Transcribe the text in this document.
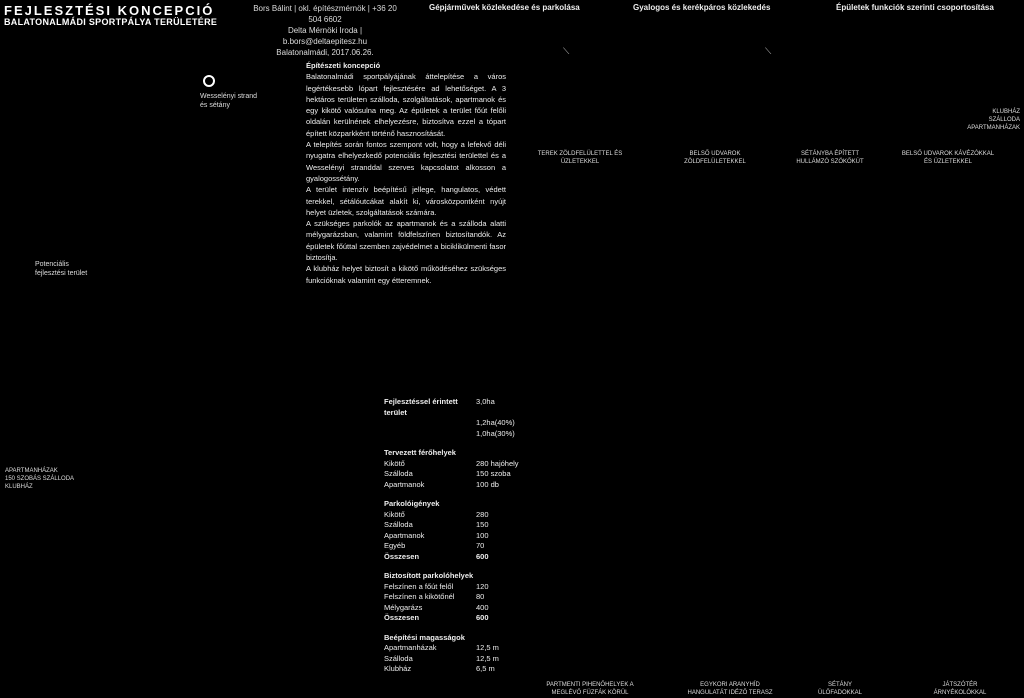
FEJLESZTÉSI KONCEPCIÓ
BALATONALMÁDI SPORTPÁLYA TERÜLETÉRE
Bors Bálint | okl. építészmérnök | +36 20 504 6602
Delta Mérnöki Iroda | b.bors@deltaepitesz.hu
Balatonalmádi, 2017.06.26.
Gépjárművek közlekedése és parkolása	Gyalogos és kerékpáros közlekedés	Épületek funkciók szerinti csoportosítása
⟍	⟍
Wesselényi strand
és sétány
Potenciális
fejlesztési terület
APARTMANHÁZAK
150 SZOBÁS SZÁLLODA
KLUBHÁZ
KLUBHÁZ
SZÁLLODA
APARTMANHÁZAK

Építészeti koncepció

Balatonalmádi sportpályájának áttelepítése a város legértékesebb lópart fejlesztésére ad lehetőséget. A 3 hektáros területen szálloda, szolgáltatások, apartmanok és egy kikötő valósulna meg. Az épületek a terület főút felőli oldalán kerülnének elhelyezésre, biztosítva ezzel a tópart épített közparkként történő hasznosítását.

A telepítés során fontos szempont volt, hogy a lefekvő déli nyugatra elhelyezkedő potenciális fejlesztési területtel és a Wesselényi stranddal szerves kapcsolatot alkosson a gyalogossétány.

A terület intenzív beépítésű jellege, hangulatos, védett terekkel, sétálóutcákat alakít ki, városközpontként nyújt helyet üzletek, szolgáltatások számára.

A szükséges parkolók az apartmanok és a szálloda alatti mélygarázsban, valamint földfelszínen biztosítandók. Az épületek főúttal szemben zajvédelmet a biciklikülmenti fasor biztosítja.

A klubház helyet biztosít a kikötő működéséhez szükséges funkcióknak valamint egy étteremnek.

Fejlesztéssel érintett terület
3,0ha
1,2ha(40%)
1,0ha(30%)
Tervezett férőhelyek
Kikötő	280 hajóhely
Szálloda	150 szoba
Apartmanok	100 db
Parkolóigények
Kikötő	280
Szálloda	150
Apartmanok	100
Egyéb	70
Összesen	600
Biztosított parkolóhelyek
Felszínen a főút felől	120
Felszínen a kikötőnél	80
Mélygarázs	400
Összesen	600
Beépítési magasságok
Apartmanházak	12,5 m
Szálloda	12,5 m
Klubház	6,5 m
TEREK ZÖLDFELÜLETTEL ÉS
ÜZLETEKKEL
BELSŐ UDVAROK
ZÖLDFELÜLETEKKEL
SÉTÁNYBA ÉPÍTETT
HULLÁMZÓ SZÖKŐKÚT
BELSŐ UDVAROK KÁVÉZÓKKAL
ÉS ÜZLETEKKEL
PARTMENTI PIHENŐHELYEK A
MEGLÉVŐ FÜZFÁK KÖRÜL
EGYKORI ARANYHÍD
HANGULATÁT IDÉZŐ TERASZ
SÉTÁNY
ÜLŐFADOKKAL
JÁTSZÓTÉR
ÁRNYÉKOLÓKKAL
